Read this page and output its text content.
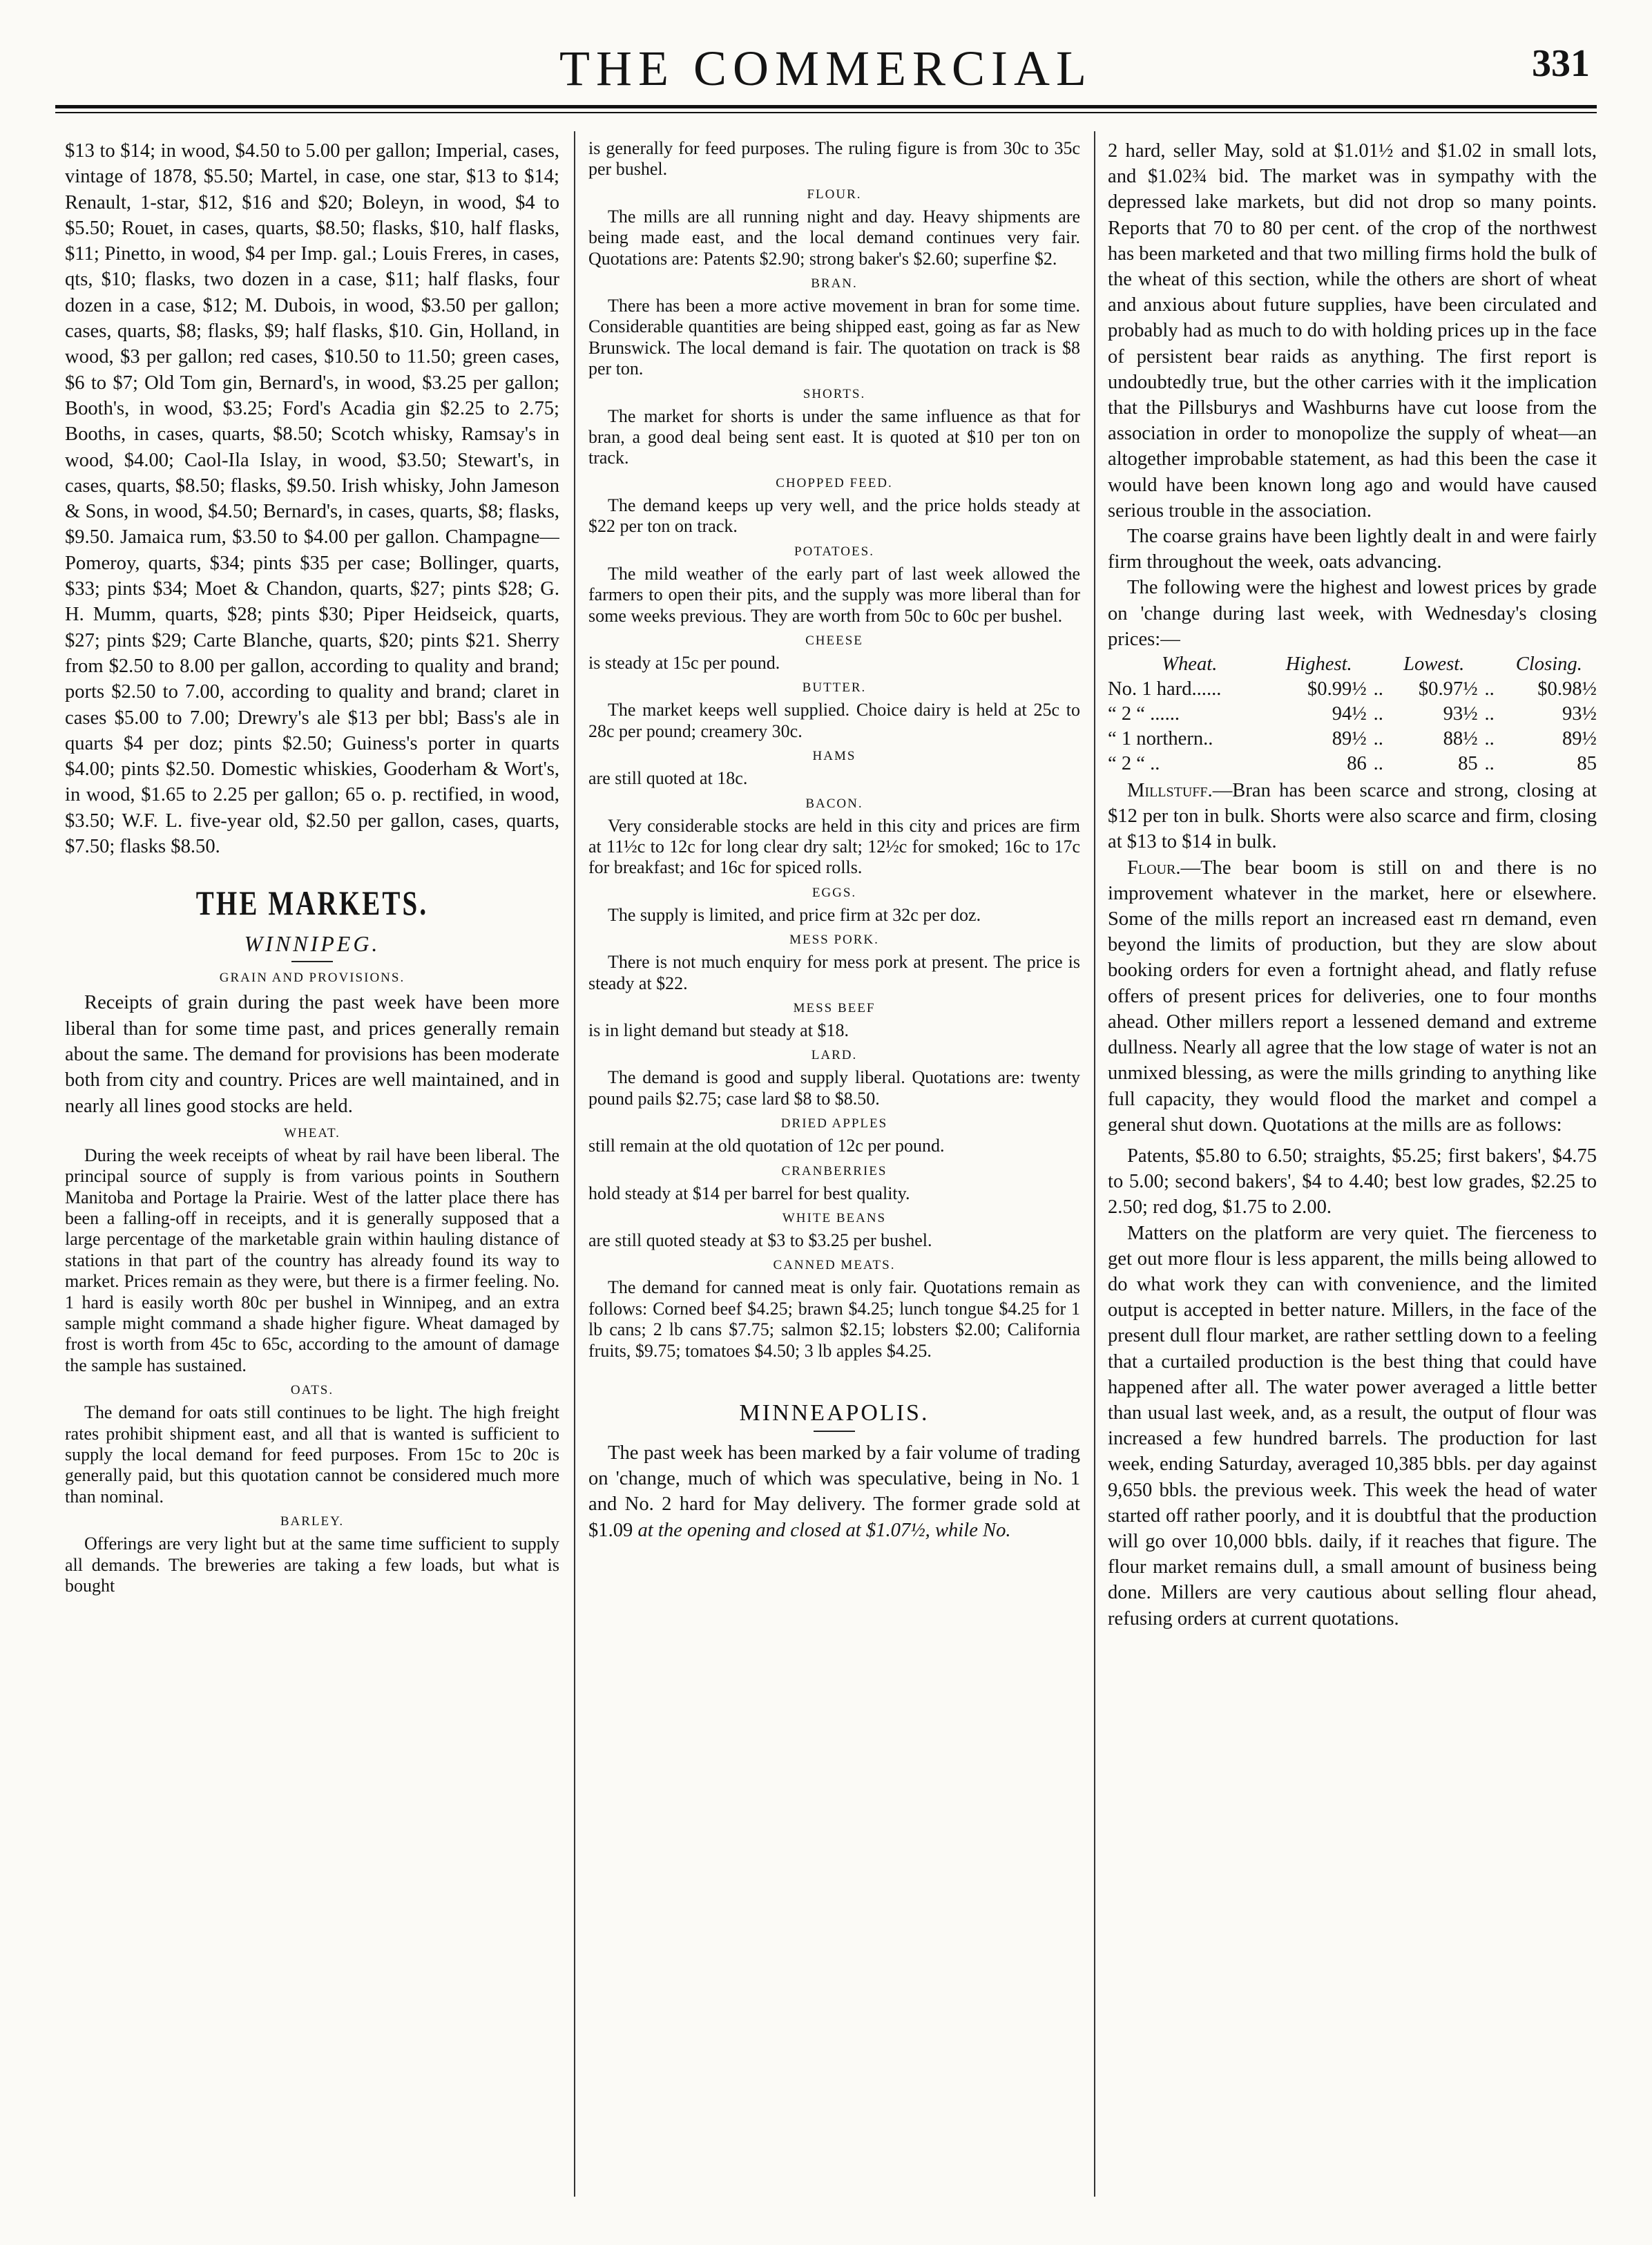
THE COMMERCIAL	331

$13 to $14; in wood, $4.50 to 5.00 per gallon; Imperial, cases, vintage of 1878, $5.50; Martel, in case, one star, $13 to $14; Renault, 1-star, $12, $16 and $20; Boleyn, in wood, $4 to $5.50; Rouet, in cases, quarts, $8.50; flasks, $10, half flasks, $11; Pinetto, in wood, $4 per Imp. gal.; Louis Freres, in cases, qts, $10; flasks, two dozen in a case, $11; half flasks, four dozen in a case, $12; M. Dubois, in wood, $3.50 per gallon; cases, quarts, $8; flasks, $9; half flasks, $10. Gin, Holland, in wood, $3 per gallon; red cases, $10.50 to 11.50; green cases, $6 to $7; Old Tom gin, Bernard's, in wood, $3.25 per gallon; Booth's, in wood, $3.25; Ford's Acadia gin $2.25 to 2.75; Booths, in cases, quarts, $8.50; Scotch whisky, Ramsay's in wood, $4.00; Caol-Ila Islay, in wood, $3.50; Stewart's, in cases, quarts, $8.50; flasks, $9.50. Irish whisky, John Jameson & Sons, in wood, $4.50; Bernard's, in cases, quarts, $8; flasks, $9.50. Jamaica rum, $3.50 to $4.00 per gallon. Champagne—Pomeroy, quarts, $34; pints $35 per case; Bollinger, quarts, $33; pints $34; Moet & Chandon, quarts, $27; pints $28; G. H. Mumm, quarts, $28; pints $30; Piper Heidseick, quarts, $27; pints $29; Carte Blanche, quarts, $20; pints $21. Sherry from $2.50 to 8.00 per gallon, according to quality and brand; ports $2.50 to 7.00, according to quality and brand; claret in cases $5.00 to 7.00; Drewry's ale $13 per bbl; Bass's ale in quarts $4 per doz; pints $2.50; Guiness's porter in quarts $4.00; pints $2.50. Domestic whiskies, Gooderham & Wort's, in wood, $1.65 to 2.25 per gallon; 65 o. p. rectified, in wood, $3.50; W.F. L. five-year old, $2.50 per gallon, cases, quarts, $7.50; flasks $8.50.

THE MARKETS.
WINNIPEG.
GRAIN AND PROVISIONS.

Receipts of grain during the past week have been more liberal than for some time past, and prices generally remain about the same. The demand for provisions has been moderate both from city and country. Prices are well maintained, and in nearly all lines good stocks are held.

WHEAT.

During the week receipts of wheat by rail have been liberal. The principal source of supply is from various points in Southern Manitoba and Portage la Prairie. West of the latter place there has been a falling-off in receipts, and it is generally supposed that a large percentage of the marketable grain within hauling distance of stations in that part of the country has already found its way to market. Prices remain as they were, but there is a firmer feeling. No. 1 hard is easily worth 80c per bushel in Winnipeg, and an extra sample might command a shade higher figure. Wheat damaged by frost is worth from 45c to 65c, according to the amount of damage the sample has sustained.

OATS.

The demand for oats still continues to be light. The high freight rates prohibit shipment east, and all that is wanted is sufficient to supply the local demand for feed purposes. From 15c to 20c is generally paid, but this quotation cannot be considered much more than nominal.

BARLEY.

Offerings are very light but at the same time sufficient to supply all demands. The breweries are taking a few loads, but what is bought

is generally for feed purposes. The ruling figure is from 30c to 35c per bushel.

FLOUR.

The mills are all running night and day. Heavy shipments are being made east, and the local demand continues very fair. Quotations are: Patents $2.90; strong baker's $2.60; superfine $2.

BRAN.

There has been a more active movement in bran for some time. Considerable quantities are being shipped east, going as far as New Brunswick. The local demand is fair. The quotation on track is $8 per ton.

SHORTS.

The market for shorts is under the same influence as that for bran, a good deal being sent east. It is quoted at $10 per ton on track.

CHOPPED FEED.

The demand keeps up very well, and the price holds steady at $22 per ton on track.

POTATOES.

The mild weather of the early part of last week allowed the farmers to open their pits, and the supply was more liberal than for some weeks previous. They are worth from 50c to 60c per bushel.

CHEESE

is steady at 15c per pound.

BUTTER.

The market keeps well supplied. Choice dairy is held at 25c to 28c per pound; creamery 30c.

HAMS

are still quoted at 18c.

BACON.

Very considerable stocks are held in this city and prices are firm at 11½c to 12c for long clear dry salt; 12½c for smoked; 16c to 17c for breakfast; and 16c for spiced rolls.

EGGS.

The supply is limited, and price firm at 32c per doz.

MESS PORK.

There is not much enquiry for mess pork at present. The price is steady at $22.

MESS BEEF

is in light demand but steady at $18.

LARD.

The demand is good and supply liberal. Quotations are: twenty pound pails $2.75; case lard $8 to $8.50.

DRIED APPLES

still remain at the old quotation of 12c per pound.

CRANBERRIES

hold steady at $14 per barrel for best quality.

WHITE BEANS

are still quoted steady at $3 to $3.25 per bushel.

CANNED MEATS.

The demand for canned meat is only fair. Quotations remain as follows: Corned beef $4.25; brawn $4.25; lunch tongue $4.25 for 1 lb cans; 2 lb cans $7.75; salmon $2.15; lobsters $2.00; California fruits, $9.75; tomatoes $4.50; 3 lb apples $4.25.

MINNEAPOLIS.

The past week has been marked by a fair volume of trading on 'change, much of which was speculative, being in No. 1 and No. 2 hard for May delivery. The former grade sold at $1.09 at the opening and closed at $1.07½, while No.

2 hard, seller May, sold at $1.01½ and $1.02 in small lots, and $1.02¾ bid. The market was in sympathy with the depressed lake markets, but did not drop so many points. Reports that 70 to 80 per cent. of the crop of the northwest has been marketed and that two milling firms hold the bulk of the wheat of this section, while the others are short of wheat and anxious about future supplies, have been circulated and probably had as much to do with holding prices up in the face of persistent bear raids as anything. The first report is undoubtedly true, but the other carries with it the implication that the Pillsburys and Washburns have cut loose from the association in order to monopolize the supply of wheat—an altogether improbable statement, as had this been the case it would have been known long ago and would have caused serious trouble in the association.

The coarse grains have been lightly dealt in and were fairly firm throughout the week, oats advancing.

The following were the highest and lowest prices by grade on 'change during last week, with Wednesday's closing prices:—

Wheat.	Highest.		Lowest.		Closing.
No. 1 hard......	$0.99½	..	$0.97½	..	$0.98½
“ 2 “ ......	94½	..	93½	..	93½
“ 1 northern..	89½	..	88½	..	89½
“ 2 “ ..	86	..	85	..	85

Millstuff.—Bran has been scarce and strong, closing at $12 per ton in bulk. Shorts were also scarce and firm, closing at $13 to $14 in bulk.

Flour.—The bear boom is still on and there is no improvement whatever in the market, here or elsewhere. Some of the mills report an increased east rn demand, even beyond the limits of production, but they are slow about booking orders for even a fortnight ahead, and flatly refuse offers of present prices for deliveries, one to four months ahead. Other millers report a lessened demand and extreme dullness. Nearly all agree that the low stage of water is not an unmixed blessing, as were the mills grinding to anything like full capacity, they would flood the market and compel a general shut down. Quotations at the mills are as follows:

Patents, $5.80 to 6.50; straights, $5.25; first bakers', $4.75 to 5.00; second bakers', $4 to 4.40; best low grades, $2.25 to 2.50; red dog, $1.75 to 2.00.

Matters on the platform are very quiet. The fierceness to get out more flour is less apparent, the mills being allowed to do what work they can with convenience, and the limited output is accepted in better nature. Millers, in the face of the present dull flour market, are rather settling down to a feeling that a curtailed production is the best thing that could have happened after all. The water power averaged a little better than usual last week, and, as a result, the output of flour was increased a few hundred barrels. The production for last week, ending Saturday, averaged 10,385 bbls. per day against 9,650 bbls. the previous week. This week the head of water started off rather poorly, and it is doubtful that the production will go over 10,000 bbls. daily, if it reaches that figure. The flour market remains dull, a small amount of business being done. Millers are very cautious about selling flour ahead, refusing orders at current quotations.
